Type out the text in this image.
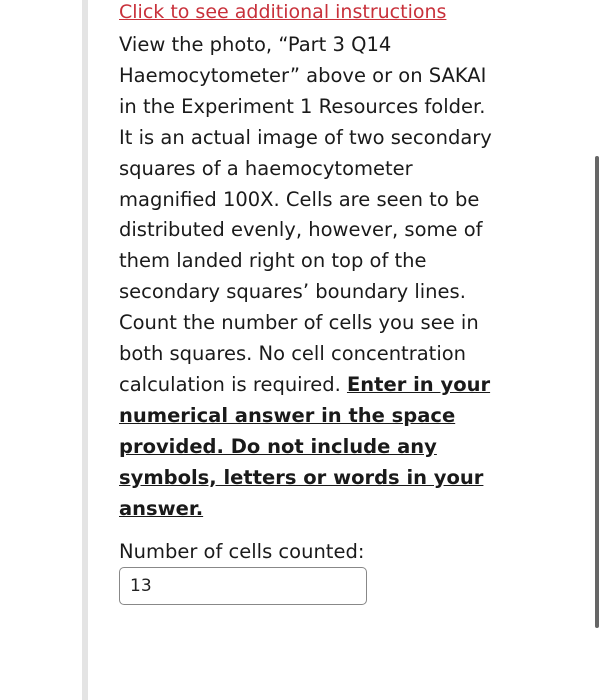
Click to see additional instructions
View the photo, “Part 3 Q14
Haemocytometer” above or on SAKAI
in the Experiment 1 Resources folder.
It is an actual image of two secondary
squares of a haemocytometer
magnified 100X. Cells are seen to be
distributed evenly, however, some of
them landed right on top of the
secondary squares’ boundary lines.
Count the number of cells you see in
both squares. No cell concentration
calculation is required. Enter in your
numerical answer in the space
provided. Do not include any
symbols, letters or words in your
answer.
Number of cells counted:
13
